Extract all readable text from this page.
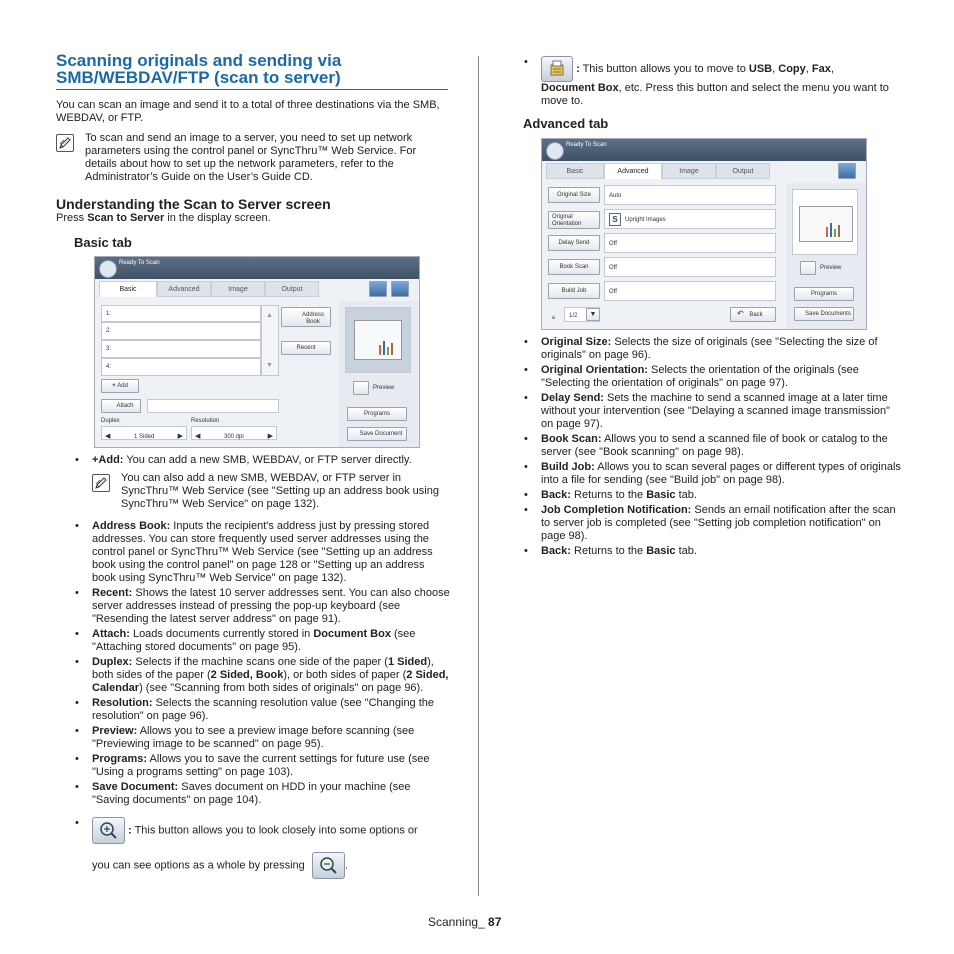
Scanning originals and sending via
SMB/WEBDAV/FTP (scan to server)

You can scan an image and send it to a total of three destinations via the SMB, WEBDAV, or FTP.

To scan and send an image to a server, you need to set up network parameters using the control panel or SyncThru™ Web Service. For details about how to set up the network parameters, refer to the Administrator’s Guide on the User’s Guide CD.

Understanding the Scan to Server screen

Press Scan to Server in the display screen.

Basic tab
Ready To Scan
Basic	Advanced	Image	Output
1:
2:
3:
4:
▲
▼
Address Book
Recent
+ Add
Attach
Duplex	Resolution
◀	1 Sided	▶ ◀	300 dpi	▶
Preview
Programs
Save Document
• +Add: You can add a new SMB, WEBDAV, or FTP server directly.

You can also add a new SMB, WEBDAV, or FTP server in SyncThru™ Web Service (see "Setting up an address book using SyncThru™ Web Service" on page 132).

• Address Book: Inputs the recipient's address just by pressing stored addresses. You can store frequently used server addresses using the control panel or SyncThru™ Web Service (see "Setting up an address book using the control panel" on page 128 or "Setting up an address book using SyncThru™ Web Service" on page 132).
• Recent: Shows the latest 10 server addresses sent. You can also choose server addresses instead of pressing the pop-up keyboard (see "Resending the latest server address" on page 91).
• Attach: Loads documents currently stored in Document Box (see "Attaching stored documents" on page 95).
• Duplex: Selects if the machine scans one side of the paper (1 Sided), both sides of the paper (2 Sided, Book), or both sides of paper (2 Sided, Calendar) (see "Scanning from both sides of originals" on page 96).
• Resolution: Selects the scanning resolution value (see "Changing the resolution" on page 96).
• Preview: Allows you to see a preview image before scanning (see "Previewing image to be scanned" on page 95).
• Programs: Allows you to save the current settings for future use (see "Using a programs setting" on page 103).
• Save Document: Saves document on HDD in your machine (see "Saving documents" on page 104).
• : This button allows you to look closely into some options or

you can see options as a whole by pressing	.

• : This button allows you to move to USB, Copy, Fax,
Document Box, etc. Press this button and select the menu you want to move to.
Advanced tab
Ready To Scan
Basic	Advanced	Image	Output
Original Size	Auto
Original Orientation	S	Upright Images
Delay Send	Off
Book Scan	Off
Build Job	Off
▲ 1/2	▼	↶ Back
Preview
Programs
Save Documents
• Original Size: Selects the size of originals (see "Selecting the size of originals" on page 96).
• Original Orientation: Selects the orientation of the originals (see "Selecting the orientation of originals" on page 97).
• Delay Send: Sets the machine to send a scanned image at a later time without your intervention (see "Delaying a scanned image transmission" on page 97).
• Book Scan: Allows you to send a scanned file of book or catalog to the server (see "Book scanning" on page 98).
• Build Job: Allows you to scan several pages or different types of originals into a file for sending (see "Build job" on page 98).
• Back: Returns to the Basic tab.
• Job Completion Notification: Sends an email notification after the scan to server job is completed (see "Setting job completion notification" on page 98).
• Back: Returns to the Basic tab.
Scanning_ 87
